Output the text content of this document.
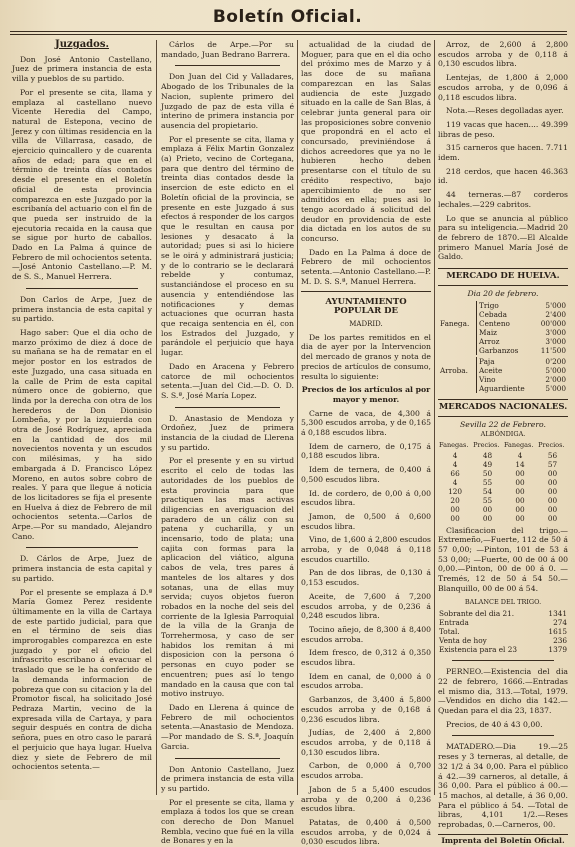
Boletín Oficial.
Juzgados.

Don José Antonio Castellano, Juez de primera instancia de esta villa y pueblos de su partido.

Por el presente se cita, llama y emplaza al castellano nuevo Vicente Heredia del Campo, natural de Estepona, vecino de Jerez y con últimas residencia en la villa de Villarrasa, casado, de ejercicio quincallero y de cuarenta años de edad; para que en el término de treinta días contados desde el presente en el Boletín oficial de esta provincia comparezca en este Juzgado por la escribanía del actuario con el fin de que pueda ser instruido de la ejecutoria recaida en la causa que se sigue por hurto de caballos. Dado en La Palma á quince de Febrero de mil ochocientos setenta.—José Antonio Castellano.—P. M. de S. S., Manuel Herrera.

Don Carlos de Arpe, Juez de primera instancia de esta capital y su partido.

Hago saber: Que el dia ocho de marzo próximo de diez á doce de su mañana se ha de rematar en el mejor postor en los estrados de este Juzgado, una casa situada en la calle de Prim de esta capital número once de gobierno, que linda por la derecha con otra de los herederos de Don Dionisio Lombeña, y por la izquierda con otra de José Rodríguez, apreciada en la cantidad de dos mil novecientos noventa y un escudos con milésimas, y ha sido embargada á D. Francisco López Moreno, en autos sobre cobro de reales. Y para que llegue á noticia de los licitadores se fija el presente en Huelva á diez de Febrero de mil ochocientos setenta.—Carlos de Arpe.—Por su mandado, Alejandro Cano.

D. Cárlos de Arpe, Juez de primera instancia de esta capital y su partido.

Por el presente se emplaza á D.ª María Gomez Perez residente últimamente en la villa de Cartaya de este partido judicial, para que en el término de seis dias improrogables comparezca en este juzgado y por el oficio del infrascrito escribano á evacuar el traslado que se le ha conferido de la demanda informacion de pobreza que con su citacion y la del Promotor fiscal, ha solicitado José Pedraza Martin, vecino de la expresada villa de Cartaya, y para seguir después en contra de dicha señora, pues en otro caso le parará el perjuicio que haya lugar. Huelva diez y siete de Febrero de mil ochocientos setenta.—

Cárlos de Arpe.—Por su mandado, Juan Bedrano Barrera.

Don Juan del Cid y Valladares, Abogado de los Tribunales de la Nacion, suplente primero del Juzgado de paz de esta villa é interino de primera instancia por ausencia del propietario.

Por el presente se cita, llama y emplaza á Félix Martin Gonzalez (a) Prieto, vecino de Cortegana, para que dentro del término de treinta dias contados desde la insercion de este edicto en el Boletín oficial de la provincia, se presente en este Juzgado á sus efectos á responder de los cargos que le resultan en causa por lesiones y desacato á la autoridad; pues si asi lo hiciere se le oirá y administrará justicia; y de lo contrario se le declarará rebelde y contumaz, sustanciándose el proceso en su ausencia y entendiéndose las notificaciones y demas actuaciones que ocurran hasta que recaiga sentencia en él, con los Estrados del Juzgado, y parándole el perjuicio que haya lugar.

Dado en Aracena y Febrero catorce de mil ochocientos setenta.—Juan del Cid.—D. O. D. S. S.ª, José María Lopez.

D. Anastasio de Mendoza y Ordoñez, Juez de primera instancia de la ciudad de Llerena y su partido.

Por el presente y en su virtud escrito el celo de todas las autoridades de los pueblos de esta provincia para que practiquen las mas activas diligencias en averiguacion del paradero de un cáliz con su patena y cucharilla, y un incensario, todo de plata; una cajita con formas para la aplicacion del viático, alguna cabos de vela, tres pares á manteles de los altares y dos sotanas, una de ellas muy servida; cuyos objetos fueron robados en la noche del seis del corriente de la Iglesia Parroquial de la villa de la Granja de Torrehermosa, y caso de ser habidos los remitan á mi disposicion con la persona ó personas en cuyo poder se encuentren; pues así lo tengo mandado en la causa que con tal motivo instruyo.

Dado en Llerena á quince de Febrero de mil ochocientos setenta.—Anastasio de Mendoza.—Por mandado de S. S.ª, Joaquín Garcia.

Don Antonio Castellano, Juez de primera instancia de esta villa y su partido.

Por el presente se cita, llama y emplaza á todos los que se crean con derecho de Don Manuel Rembla, vecino que fué en la villa de Bonares y en la

actualidad de la ciudad de Moguer, para que en el dia ocho del próximo mes de Marzo y á las doce de su mañana comparezcan en las Salas audiencia de este Juzgado situado en la calle de San Blas, á celebrar junta general para oir las proposiciones sobre convenio que propondrá en el acto el concursado, previniéndose á dichos acreedores que ya no le hubieren hecho deben presentarse con el título de su crédito respectivo, bajo apercibimiento de no ser admitidos en ella; pues asi lo tengo acordado á solicitud del deudor en providencia de este dia dictada en los autos de su concurso.

Dado en La Palma á doce de Febrero de mil ochocientos setenta.—Antonio Castellano.—P. M. D. S. S.ª, Manuel Herrera.

AYUNTAMIENTO POPULAR DE
MADRID.

De los partes remitidos en el dia de ayer por la Intervencion del mercado de granos y nota de precios de artículos de consumo, resulta lo siguiente:

Precios de los artículos al por mayor y menor.

Carne de vaca, de 4,300 á 5,300 escudos arroba, y de 0,165 á 0,188 escudos libra.

Idem de carnero, de 0,175 á 0,188 escudos libra.

Idem de ternera, de 0,400 á 0,500 escudos libra.

Id. de cordero, de 0,00 á 0,00 escudos libra.

Jamon, de 0,500 á 0,600 escudos libra.

Vino, de 1,600 á 2,800 escudos arroba, y de 0,048 á 0,118 escudos cuartillo.

Pan de dos libras, de 0,130 á 0,153 escudos.

Aceite, de 7,600 á 7,200 escudos arroba, y de 0,236 á 0,248 escudos libra.

Tocino añejo, de 8,300 á 8,400 escudos arroba.

Idem fresco, de 0,312 á 0,350 escudos libra.

Idem en canal, de 0,000 á 0 escudos arroba.

Garbanzos, de 3,400 á 5,800 escudos arroba y de 0,168 á 0,236 escudos libra.

Judías, de 2,400 á 2,800 escudos arroba, y de 0,118 á 0,130 escudos libra.

Carbon, de 0,000 á 0,700 escudos arroba.

Jabon de 5 a 5,400 escudos arroba y de 0,200 á 0,236 escudos libra.

Patatas, de 0,400 á 0,500 escudos arroba, y de 0,024 á 0,030 escudos libra.

Arroz, de 2,600 á 2,800 escudos arroba y de 0,118 á 0,130 escudos libra.

Lentejas, de 1,800 á 2,000 escudos arroba, y de 0,096 á 0,118 escudos libra.

Nota.—Reses degolladas ayer.

119 vacas que hacen.... 49.399 libras de peso.

315 carneros que hacen. 7.711 idem.

218 cerdos, que hacen 46.363 id.

44 terneras.—87 corderos lechales.—229 cabritos.

Lo que se anuncia al público para su inteligencia.—Madrid 20 de febrero de 1870.—El Alcalde primero Manuel María José de Galdo.

MERCADO DE HUELVA.
Dia 20 de febrero.
	Trigo	5'000
	Cebada	2'400
Fanega.	Centeno	00'000
	Maiz	3'000
	Arroz	3'000
	Garbanzos	11'500
	Paja	0'200
Arroba.	Aceite	5'000
	Vino	2'000
	Aguardiente	5'000
MERCADOS NACIONALES.
Sevilla 22 de Febrero.
ALBÓNDIGA.
Fanegas.	Precios.	Fanegas.	Precios.
4	48	4	56
4	49	14	57
66	50	00	00
4	55	00	00
120	54	00	00
20	55	00	00
00	00	00	00
00	00	00	00

Clasificacion del trigo.—Extremeño,—Fuerte, 112 de 50 á 57 0,00; —Pinton, 101 de 53 á 53 0,00; —Fuerte, 00 de 00 á 00 0,00.—Pinton, 00 de 00 á 0. —Tremés, 12 de 50 á 54 50.—Blanquillo, 00 de 00 á 54.

BALANCE DEL TRIGO.
Sobrante del dia 21.	1341
Entrada	274
Total.	1615
Venta de hoy	236
Existencia para el 23	1379

PERNEO.—Existencia del dia 22 de febrero, 1666.—Entradas el mismo dia, 313.—Total, 1979.—Vendidos en dicho dia 142.—Quedan para el dia 23, 1837.

Precios, de 40 á 43 0,00.

MATADERO.—Dia 19.—25 reses y 3 terneras, al detalle, de 32 1/2 á 34 0,00. Para el público á 42.—39 carneros, al detalle, á 36 0,00. Para el público á 00.—15 machos, al detalle, á 36 0,00. Para el público á 54. —Total de libras, 4,101 1/2.—Reses reprobadas, 0.—Carneros, 00.

Imprenta del Boletín Oficial.
